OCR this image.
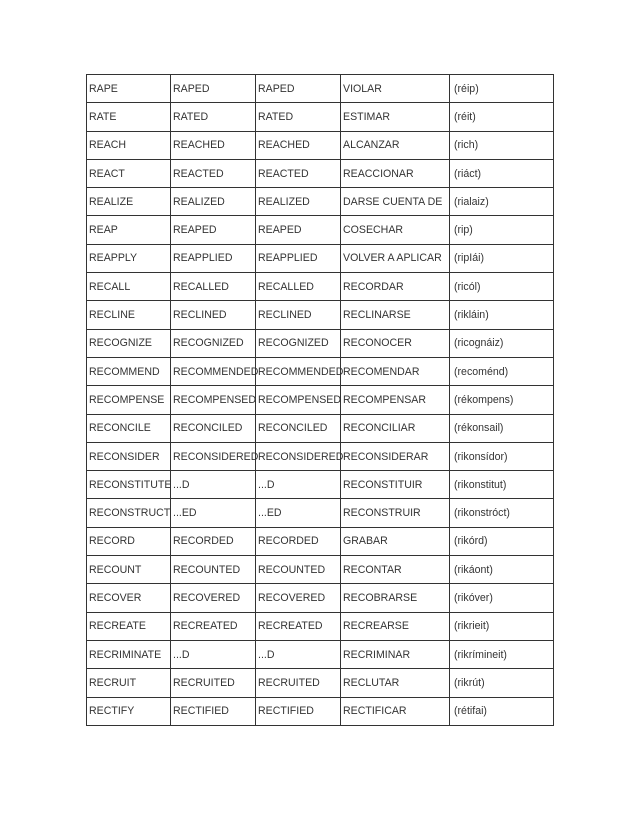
RAPE	RAPED	RAPED	VIOLAR	(réip)
RATE	RATED	RATED	ESTIMAR	(réit)
REACH	REACHED	REACHED	ALCANZAR	(rich)
REACT	REACTED	REACTED	REACCIONAR	(riáct)
REALIZE	REALIZED	REALIZED	DARSE CUENTA DE	(rialaiz)
REAP	REAPED	REAPED	COSECHAR	(rip)
REAPPLY	REAPPLIED	REAPPLIED	VOLVER A APLICAR	(ripIái)
RECALL	RECALLED	RECALLED	RECORDAR	(ricól)
RECLINE	RECLINED	RECLINED	RECLINARSE	(rikláin)
RECOGNIZE	RECOGNIZED	RECOGNIZED	RECONOCER	(ricognáiz)
RECOMMEND	RECOMMENDED	RECOMMENDED	RECOMENDAR	(recoménd)
RECOMPENSE	RECOMPENSED	RECOMPENSED	RECOMPENSAR	(rékompens)
RECONCILE	RECONCILED	RECONCILED	RECONCILIAR	(rékonsail)
RECONSIDER	RECONSIDERED	RECONSIDERED	RECONSIDERAR	(rikonsídor)
RECONSTITUTE	...D	...D	RECONSTITUIR	(rikonstitut)
RECONSTRUCT	...ED	...ED	RECONSTRUIR	(rikonstróct)
RECORD	RECORDED	RECORDED	GRABAR	(rikórd)
RECOUNT	RECOUNTED	RECOUNTED	RECONTAR	(rikáont)
RECOVER	RECOVERED	RECOVERED	RECOBRARSE	(rikóver)
RECREATE	RECREATED	RECREATED	RECREARSE	(rikrieit)
RECRIMINATE	...D	...D	RECRIMINAR	(rikrímineit)
RECRUIT	RECRUITED	RECRUITED	RECLUTAR	(rikrút)
RECTIFY	RECTIFIED	RECTIFIED	RECTIFICAR	(rétifai)
